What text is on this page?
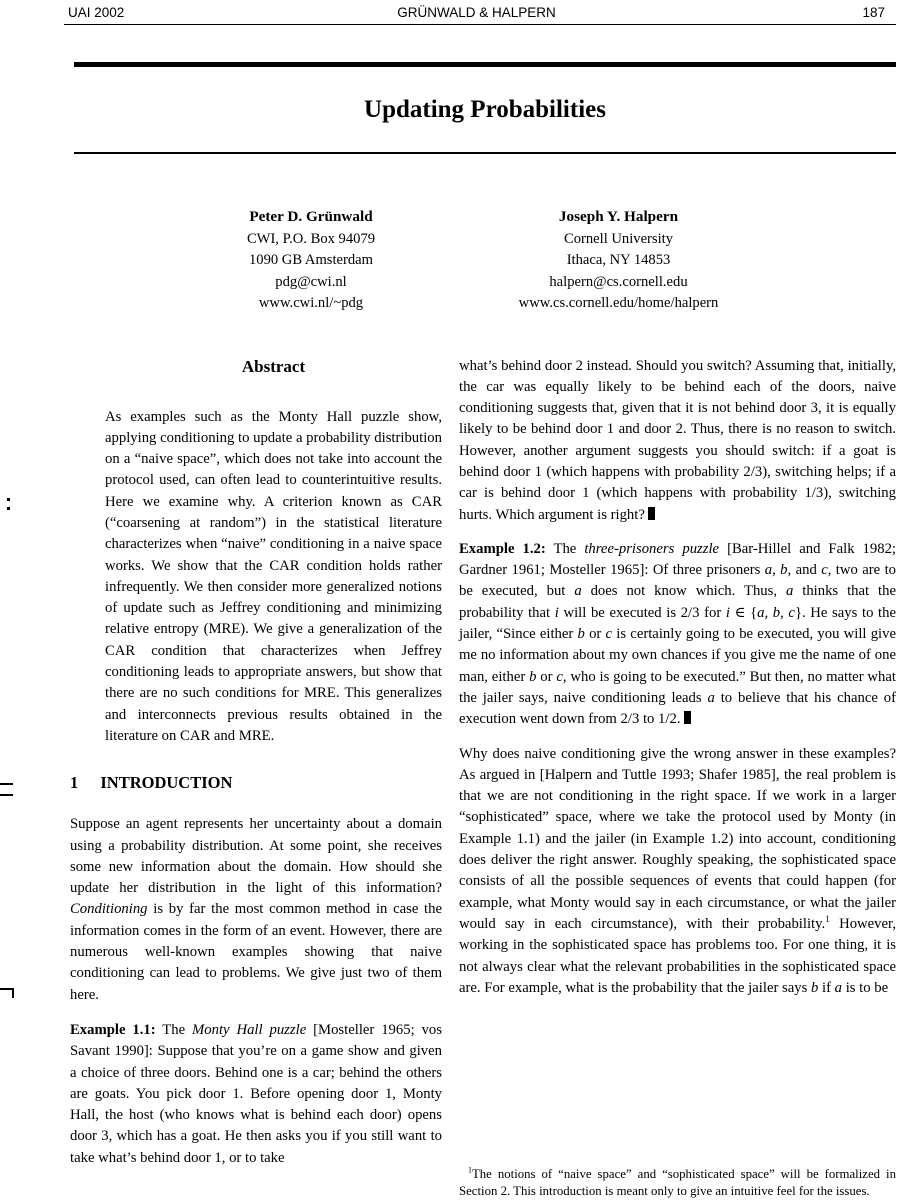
UAI 2002	GRÜNWALD & HALPERN	187
Updating Probabilities
Peter D. Grünwald
CWI, P.O. Box 94079
1090 GB Amsterdam
pdg@cwi.nl
www.cwi.nl/~pdg
Joseph Y. Halpern
Cornell University
Ithaca, NY 14853
halpern@cs.cornell.edu
www.cs.cornell.edu/home/halpern
Abstract

As examples such as the Monty Hall puzzle show, applying conditioning to update a probability distribution on a “naive space”, which does not take into account the protocol used, can often lead to counterintuitive results. Here we examine why. A criterion known as CAR (“coarsening at random”) in the statistical literature characterizes when “naive” conditioning in a naive space works. We show that the CAR condition holds rather infrequently. We then consider more generalized notions of update such as Jeffrey conditioning and minimizing relative entropy (MRE). We give a generalization of the CAR condition that characterizes when Jeffrey conditioning leads to appropriate answers, but show that there are no such conditions for MRE. This generalizes and interconnects previous results obtained in the literature on CAR and MRE.

1 INTRODUCTION

Suppose an agent represents her uncertainty about a domain using a probability distribution. At some point, she receives some new information about the domain. How should she update her distribution in the light of this information? Conditioning is by far the most common method in case the information comes in the form of an event. However, there are numerous well-known examples showing that naive conditioning can lead to problems. We give just two of them here.

Example 1.1: The Monty Hall puzzle [Mosteller 1965; vos Savant 1990]: Suppose that you’re on a game show and given a choice of three doors. Behind one is a car; behind the others are goats. You pick door 1. Before opening door 1, Monty Hall, the host (who knows what is behind each door) opens door 3, which has a goat. He then asks you if you still want to take what’s behind door 1, or to take

what’s behind door 2 instead. Should you switch? Assuming that, initially, the car was equally likely to be behind each of the doors, naive conditioning suggests that, given that it is not behind door 3, it is equally likely to be behind door 1 and door 2. Thus, there is no reason to switch. However, another argument suggests you should switch: if a goat is behind door 1 (which happens with probability 2/3), switching helps; if a car is behind door 1 (which happens with probability 1/3), switching hurts. Which argument is right?

Example 1.2: The three-prisoners puzzle [Bar-Hillel and Falk 1982; Gardner 1961; Mosteller 1965]: Of three prisoners a, b, and c, two are to be executed, but a does not know which. Thus, a thinks that the probability that i will be executed is 2/3 for i ∈ {a, b, c}. He says to the jailer, “Since either b or c is certainly going to be executed, you will give me no information about my own chances if you give me the name of one man, either b or c, who is going to be executed.” But then, no matter what the jailer says, naive conditioning leads a to believe that his chance of execution went down from 2/3 to 1/2.

Why does naive conditioning give the wrong answer in these examples? As argued in [Halpern and Tuttle 1993; Shafer 1985], the real problem is that we are not conditioning in the right space. If we work in a larger “sophisticated” space, where we take the protocol used by Monty (in Example 1.1) and the jailer (in Example 1.2) into account, conditioning does deliver the right answer. Roughly speaking, the sophisticated space consists of all the possible sequences of events that could happen (for example, what Monty would say in each circumstance, or what the jailer would say in each circumstance), with their probability.$^1$ However, working in the sophisticated space has problems too. For one thing, it is not always clear what the relevant probabilities in the sophisticated space are. For example, what is the probability that the jailer says b if a is to be

$^1$The notions of “naive space” and “sophisticated space” will be formalized in Section 2. This introduction is meant only to give an intuitive feel for the issues.
